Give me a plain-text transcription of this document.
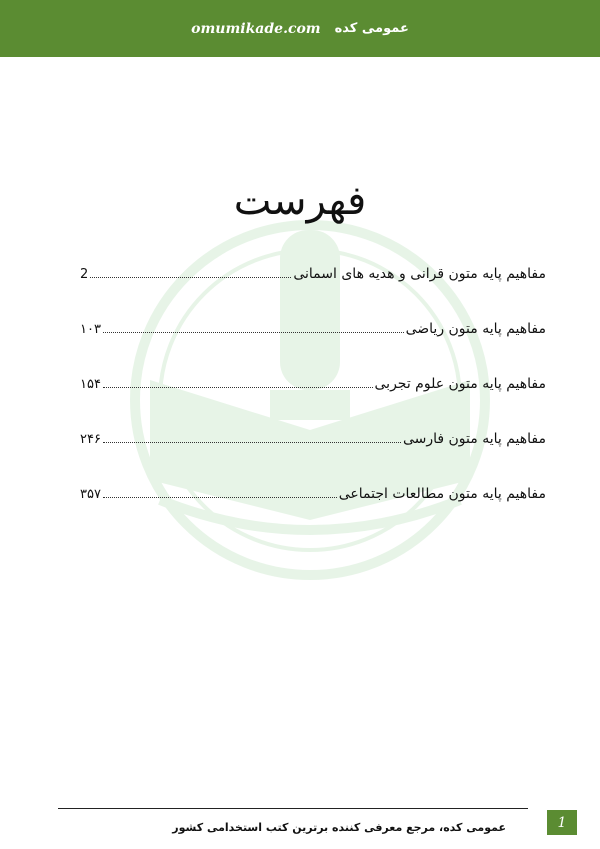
omumikade.com عمومی کده
فهرست
مفاهیم پایه متون قرانی و هدیه های اسمانی
2
مفاهیم پایه متون ریاضی
۱۰۳
مفاهیم پایه متون علوم تجربی
۱۵۴
مفاهیم پایه متون فارسی
۲۴۶
مفاهیم پایه متون مطالعات اجتماعی
۳۵۷
عمومی کده، مرجع معرفی کننده برترین کتب استخدامی کشور	1
